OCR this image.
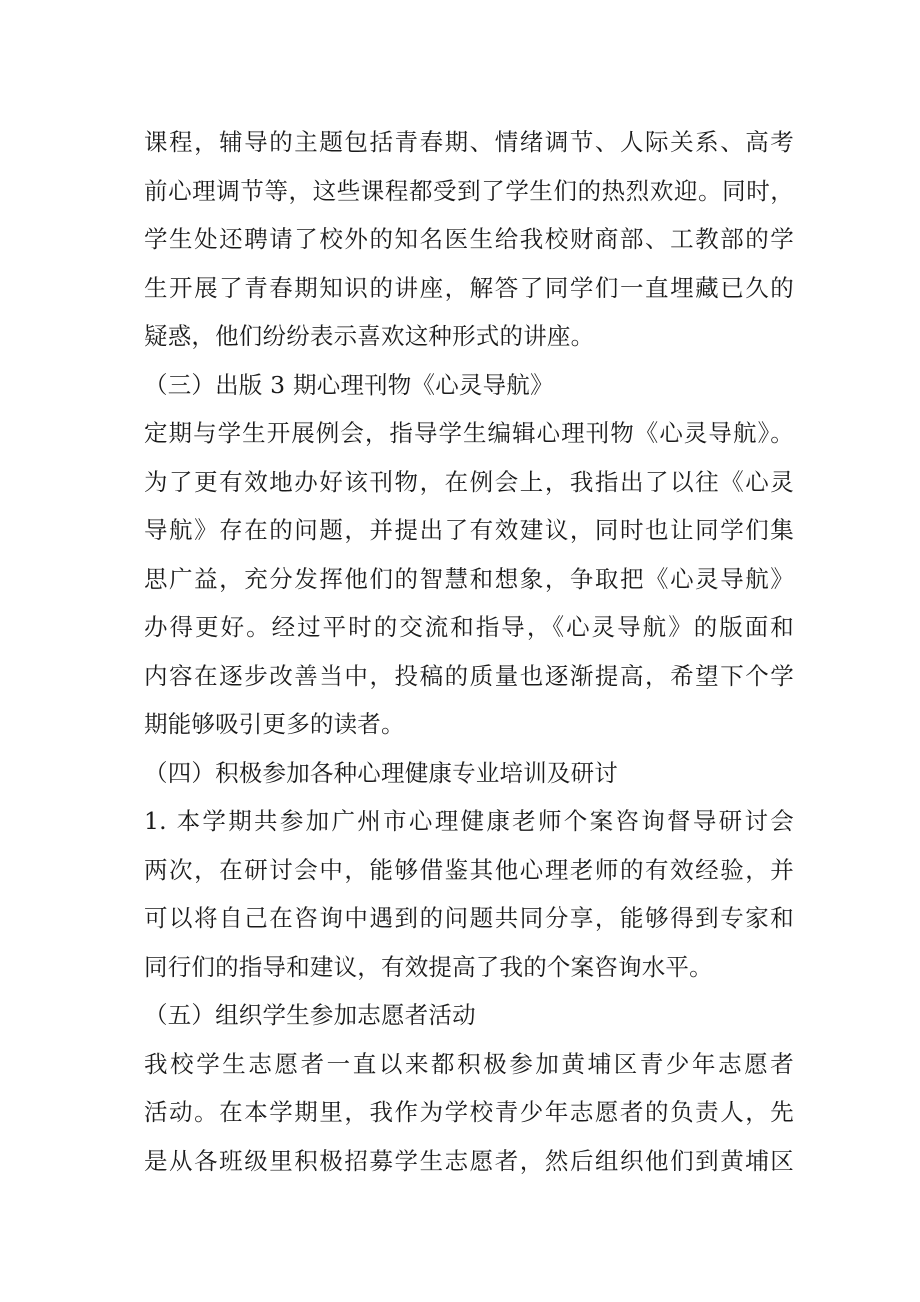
课程，辅导的主题包括青春期、情绪调节、人际关系、高考
前心理调节等，这些课程都受到了学生们的热烈欢迎。同时，
学生处还聘请了校外的知名医生给我校财商部、工教部的学
生开展了青春期知识的讲座，解答了同学们一直埋藏已久的
疑惑，他们纷纷表示喜欢这种形式的讲座。
（三）出版 3 期心理刊物《心灵导航》
定期与学生开展例会，指导学生编辑心理刊物《心灵导航》。
为了更有效地办好该刊物，在例会上，我指出了以往《心灵
导航》存在的问题，并提出了有效建议，同时也让同学们集
思广益，充分发挥他们的智慧和想象，争取把《心灵导航》
办得更好。经过平时的交流和指导，《心灵导航》的版面和
内容在逐步改善当中，投稿的质量也逐渐提高，希望下个学
期能够吸引更多的读者。
（四）积极参加各种心理健康专业培训及研讨
1. 本学期共参加广州市心理健康老师个案咨询督导研讨会
两次，在研讨会中，能够借鉴其他心理老师的有效经验，并
可以将自己在咨询中遇到的问题共同分享，能够得到专家和
同行们的指导和建议，有效提高了我的个案咨询水平。
（五）组织学生参加志愿者活动
我校学生志愿者一直以来都积极参加黄埔区青少年志愿者
活动。在本学期里，我作为学校青少年志愿者的负责人，先
是从各班级里积极招募学生志愿者，然后组织他们到黄埔区
